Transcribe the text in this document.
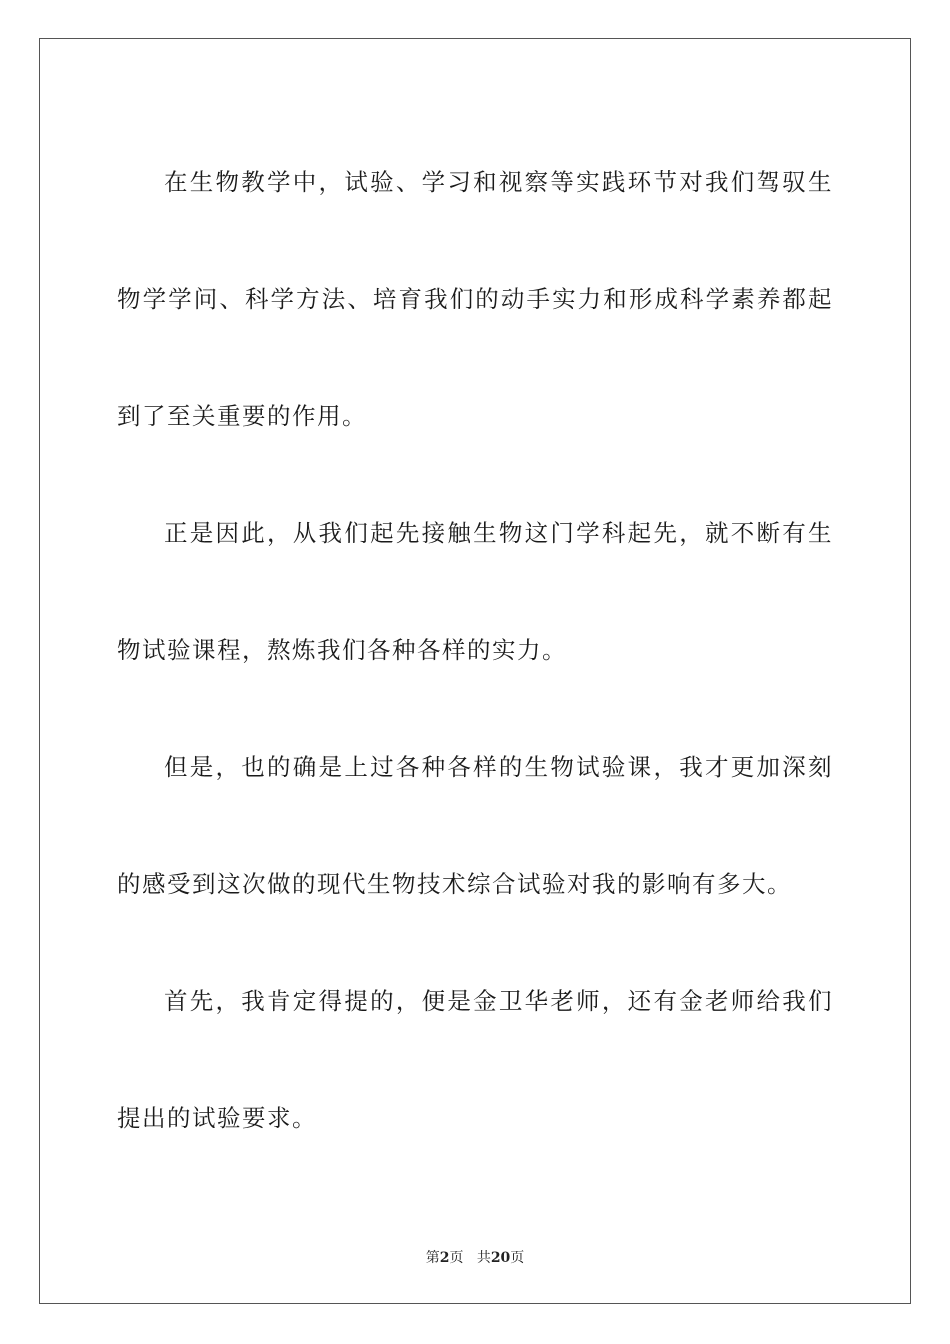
在生物教学中，试验、学习和视察等实践环节对我们驾驭生物学学问、科学方法、培育我们的动手实力和形成科学素养都起到了至关重要的作用。

正是因此，从我们起先接触生物这门学科起先，就不断有生物试验课程，熬炼我们各种各样的实力。

但是，也的确是上过各种各样的生物试验课，我才更加深刻的感受到这次做的现代生物技术综合试验对我的影响有多大。

首先，我肯定得提的，便是金卫华老师，还有金老师给我们提出的试验要求。

第2页 共20页
